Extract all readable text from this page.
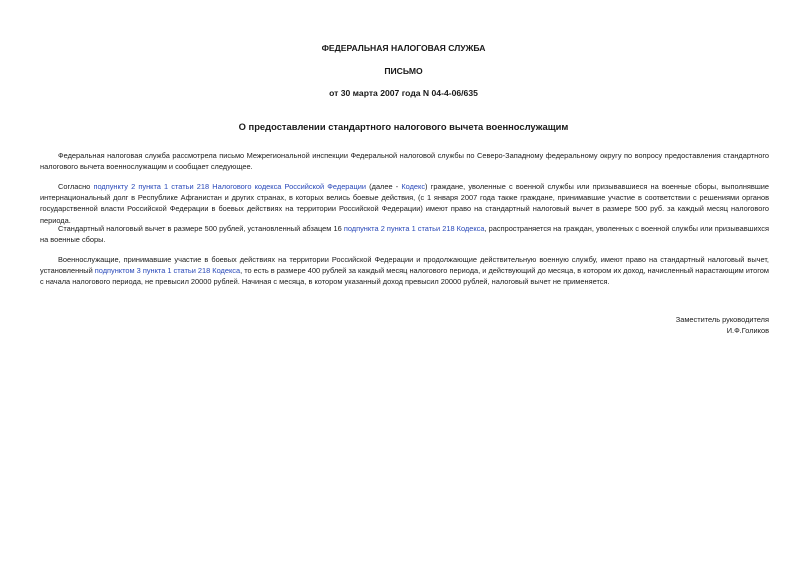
ФЕДЕРАЛЬНАЯ НАЛОГОВАЯ СЛУЖБА
ПИСЬМО
от 30 марта 2007 года N 04-4-06/635
О предоставлении стандартного налогового вычета военнослужащим
Федеральная налоговая служба рассмотрела письмо Межрегиональной инспекции Федеральной налоговой службы по Северо-Западному федеральному округу по вопросу предоставления стандартного налогового вычета военнослужащим и сообщает следующее.
Согласно подпункту 2 пункта 1 статьи 218 Налогового кодекса Российской Федерации (далее - Кодекс) граждане, уволенные с военной службы или призывавшиеся на военные сборы, выполнявшие интернациональный долг в Республике Афганистан и других странах, в которых велись боевые действия, (с 1 января 2007 года также граждане, принимавшие участие в соответствии с решениями органов государственной власти Российской Федерации в боевых действиях на территории Российской Федерации) имеют право на стандартный налоговый вычет в размере 500 руб. за каждый месяц налогового периода.
Стандартный налоговый вычет в размере 500 рублей, установленный абзацем 16 подпункта 2 пункта 1 статьи 218 Кодекса, распространяется на граждан, уволенных с военной службы или призывавшихся на военные сборы.
Военнослужащие, принимавшие участие в боевых действиях на территории Российской Федерации и продолжающие действительную военную службу, имеют право на стандартный налоговый вычет, установленный подпунктом 3 пункта 1 статьи 218 Кодекса, то есть в размере 400 рублей за каждый месяц налогового периода, и действующий до месяца, в котором их доход, начисленный нарастающим итогом с начала налогового периода, не превысил 20000 рублей. Начиная с месяца, в котором указанный доход превысил 20000 рублей, налоговый вычет не применяется.
Заместитель руководителя
И.Ф.Голиков
